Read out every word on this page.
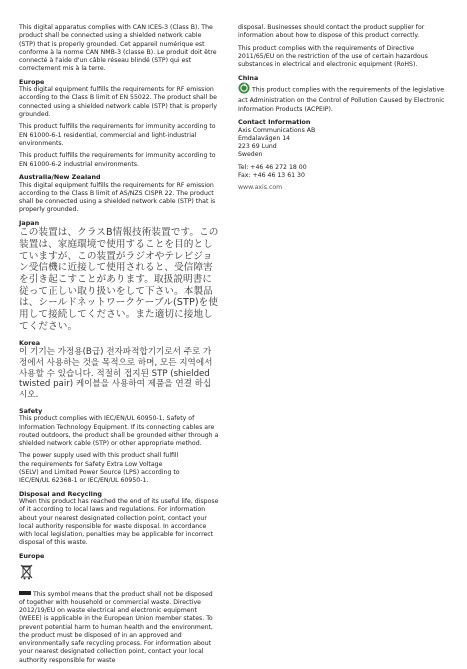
This digital apparatus complies with CAN ICES-3 (Class B). The product shall be connected using a shielded network cable (STP) that is properly grounded. Cet appareil numérique est conforme à la norme CAN NMB-3 (classe B). Le produit doit être connecté à l'aide d'un câble réseau blindé (STP) qui est correctement mis à la terre.

Europe

This digital equipment fulfills the requirements for RF emission according to the Class B limit of EN 55022. The product shall be connected using a shielded network cable (STP) that is properly grounded.

This product fulfills the requirements for immunity according to EN 61000-6-1 residential, commercial and light-industrial environments.

This product fulfills the requirements for immunity according to EN 61000-6-2 industrial environments.

Australia/New Zealand

This digital equipment fulfills the requirements for RF emission according to the Class B limit of AS/NZS CISPR 22. The product shall be connected using a shielded network cable (STP) that is properly grounded.

Japan

この装置は、クラスB情報技術装置です。この装置は、家庭環境で使用することを目的としていますが、この装置がラジオやテレビジョン受信機に近接して使用されると、受信障害を引き起こすことがあります。取扱説明書に従って正しい取り扱いをして下さい。本製品は、シールドネットワークケーブル(STP)を使用して接続してください。また適切に接地してください。

Korea

이 기기는 가정용(B급) 전자파적합기기로서 주로 가정에서 사용하는 것을 목적으로 하며, 모든 지역에서 사용할 수 있습니다. 적절히 접지된 STP (shielded twisted pair) 케이블을 사용하여 제품을 연결 하십시오.

Safety

This product complies with IEC/EN/UL 60950-1, Safety of Information Technology Equipment. If its connecting cables are routed outdoors, the product shall be grounded either through a shielded network cable (STP) or other appropriate method.

The power supply used with this product shall fulfill
the requirements for Safety Extra Low Voltage
(SELV) and Limited Power Source (LPS) according to
IEC/EN/UL 62368-1 or IEC/EN/UL 60950-1.

Disposal and Recycling

When this product has reached the end of its useful life, dispose of it according to local laws and regulations. For information about your nearest designated collection point, contact your local authority responsible for waste disposal. In accordance with local legislation, penalties may be applicable for incorrect disposal of this waste.

Europe

This symbol means that the product shall not be disposed of together with household or commercial waste. Directive 2012/19/EU on waste electrical and electronic equipment (WEEE) is applicable in the European Union member states. To prevent potential harm to human health and the environment, the product must be disposed of in an approved and environmentally safe recycling process. For information about your nearest designated collection point, contact your local authority responsible for waste

disposal. Businesses should contact the product supplier for information about how to dispose of this product correctly.

This product complies with the requirements of Directive 2011/65/EU on the restriction of the use of certain hazardous substances in electrical and electronic equipment (RoHS).

China

This product complies with the requirements of the legislative act Administration on the Control of Pollution Caused by Electronic Information Products (ACPEIP).

Contact Information

Axis Communications AB
Emdalavägen 14
223 69 Lund
Sweden

Tel: +46 46 272 18 00
Fax: +46 46 13 61 30

www.axis.com
